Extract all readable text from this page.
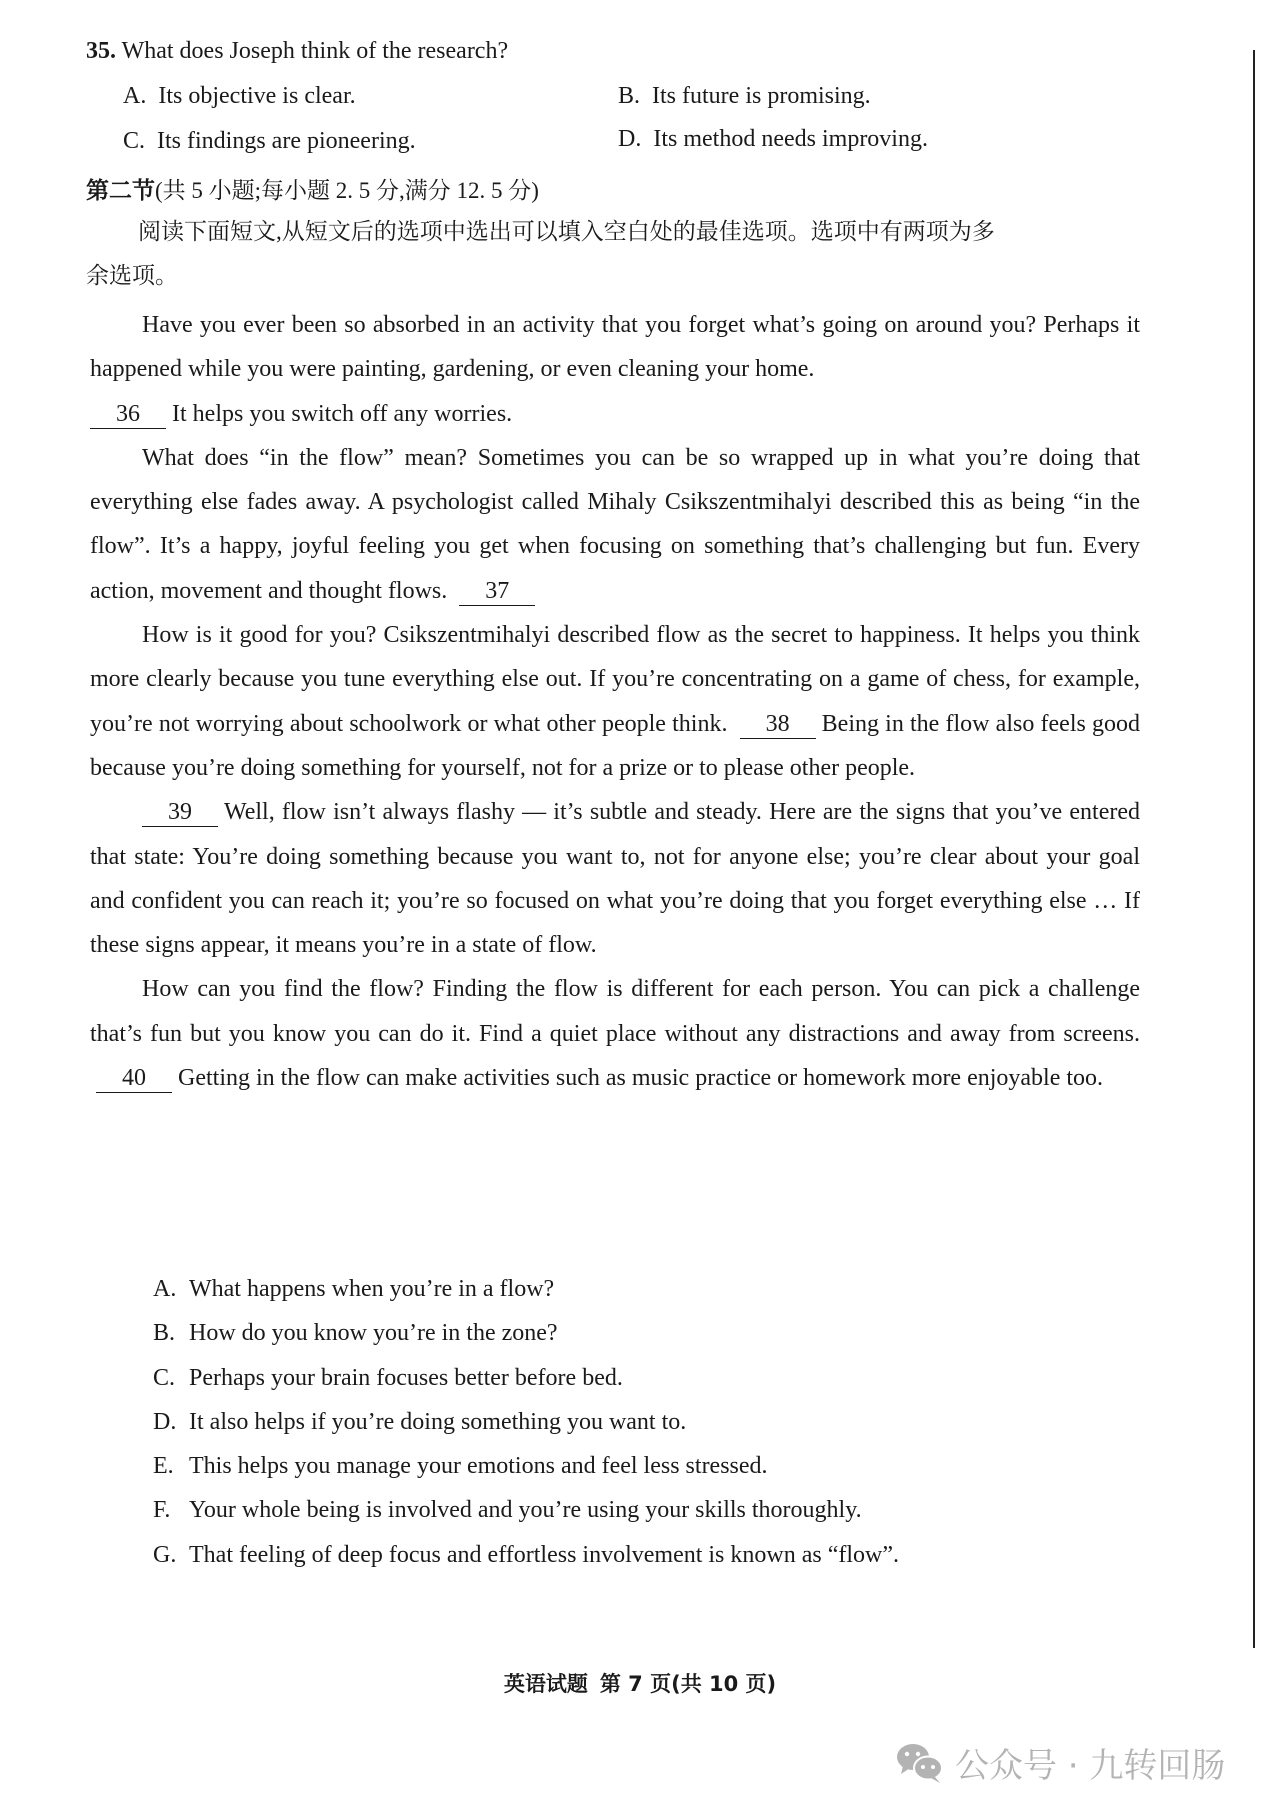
35. What does Joseph think of the research?
A. Its objective is clear.	B. Its future is promising.
C. Its findings are pioneering.	D. Its method needs improving.
第二节(共 5 小题;每小题 2. 5 分,满分 12. 5 分)
阅读下面短文,从短文后的选项中选出可以填入空白处的最佳选项。选项中有两项为多
余选项。

Have you ever been so absorbed in an activity that you forget what’s going on around you? Perhaps it happened while you were painting, gardening, or even cleaning your home.
36 It helps you switch off any worries.

What does “in the flow” mean? Sometimes you can be so wrapped up in what you’re doing that everything else fades away. A psychologist called Mihaly Csikszentmihalyi described this as being “in the flow”. It’s a happy, joyful feeling you get when focusing on something that’s challenging but fun. Every action, movement and thought flows. 37

How is it good for you? Csikszentmihalyi described flow as the secret to happiness. It helps you think more clearly because you tune everything else out. If you’re concentrating on a game of chess, for example, you’re not worrying about schoolwork or what other people think. 38 Being in the flow also feels good because you’re doing something for yourself, not for a prize or to please other people.

39 Well, flow isn’t always flashy — it’s subtle and steady. Here are the signs that you’ve entered that state: You’re doing something because you want to, not for anyone else; you’re clear about your goal and confident you can reach it; you’re so focused on what you’re doing that you forget everything else … If these signs appear, it means you’re in a state of flow.

How can you find the flow? Finding the flow is different for each person. You can pick a challenge that’s fun but you know you can do it. Find a quiet place without any distractions and away from screens. 40 Getting in the flow can make activities such as music practice or homework more enjoyable too.

A. What happens when you’re in a flow?
B. How do you know you’re in the zone?
C. Perhaps your brain focuses better before bed.
D. It also helps if you’re doing something you want to.
E. This helps you manage your emotions and feel less stressed.
F. Your whole being is involved and you’re using your skills thoroughly.
G. That feeling of deep focus and effortless involvement is known as “flow”.
英语试题 第 7 页(共 10 页)
公众号 · 九转回肠
